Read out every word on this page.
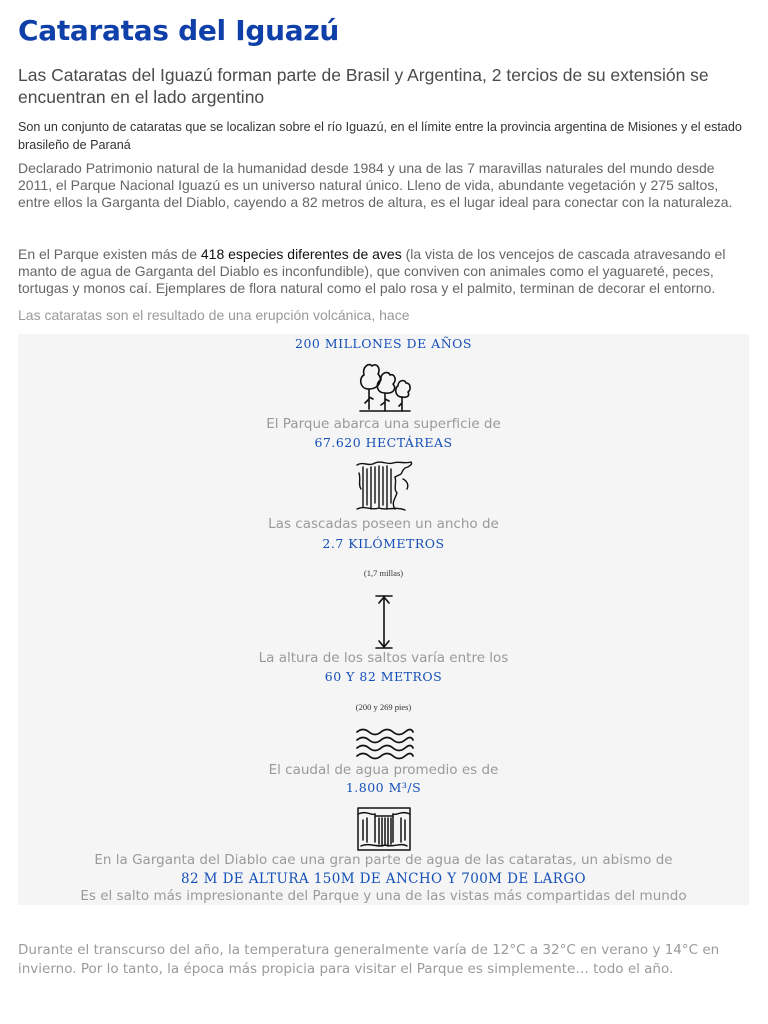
Cataratas del Iguazú
Las Cataratas del Iguazú forman parte de Brasil y Argentina, 2 tercios de su extensión se encuentran en el lado argentino

Son un conjunto de cataratas que se localizan sobre el río Iguazú, en el límite entre la provincia argentina de Misiones y el estado brasileño de Paraná

Declarado Patrimonio natural de la humanidad desde 1984 y una de las 7 maravillas naturales del mundo desde 2011, el Parque Nacional Iguazú es un universo natural único. Lleno de vida, abundante vegetación y 275 saltos, entre ellos la Garganta del Diablo, cayendo a 82 metros de altura, es el lugar ideal para conectar con la naturaleza.

En el Parque existen más de 418 especies diferentes de aves (la vista de los vencejos de cascada atravesando el manto de agua de Garganta del Diablo es inconfundible), que conviven con animales como el yaguareté, peces, tortugas y monos caí. Ejemplares de flora natural como el palo rosa y el palmito, terminan de decorar el entorno.

Las cataratas son el resultado de una erupción volcánica, hace

200 MILLONES DE AÑOS
El Parque abarca una superficie de
67.620 HECTÁREAS
Las cascadas poseen un ancho de
2.7 KILÓMETROS
(1,7 millas)
La altura de los saltos varía entre los
60 Y 82 METROS
(200 y 269 pies)
El caudal de agua promedio es de
1.800 M³/S
En la Garganta del Diablo cae una gran parte de agua de las cataratas, un abismo de
82 M DE ALTURA 150M DE ANCHO Y 700M DE LARGO
Es el salto más impresionante del Parque y una de las vistas más compartidas del mundo

Durante el transcurso del año, la temperatura generalmente varía de 12°C a 32°C en verano y 14°C en invierno. Por lo tanto, la época más propicia para visitar el Parque es simplemente… todo el año.
